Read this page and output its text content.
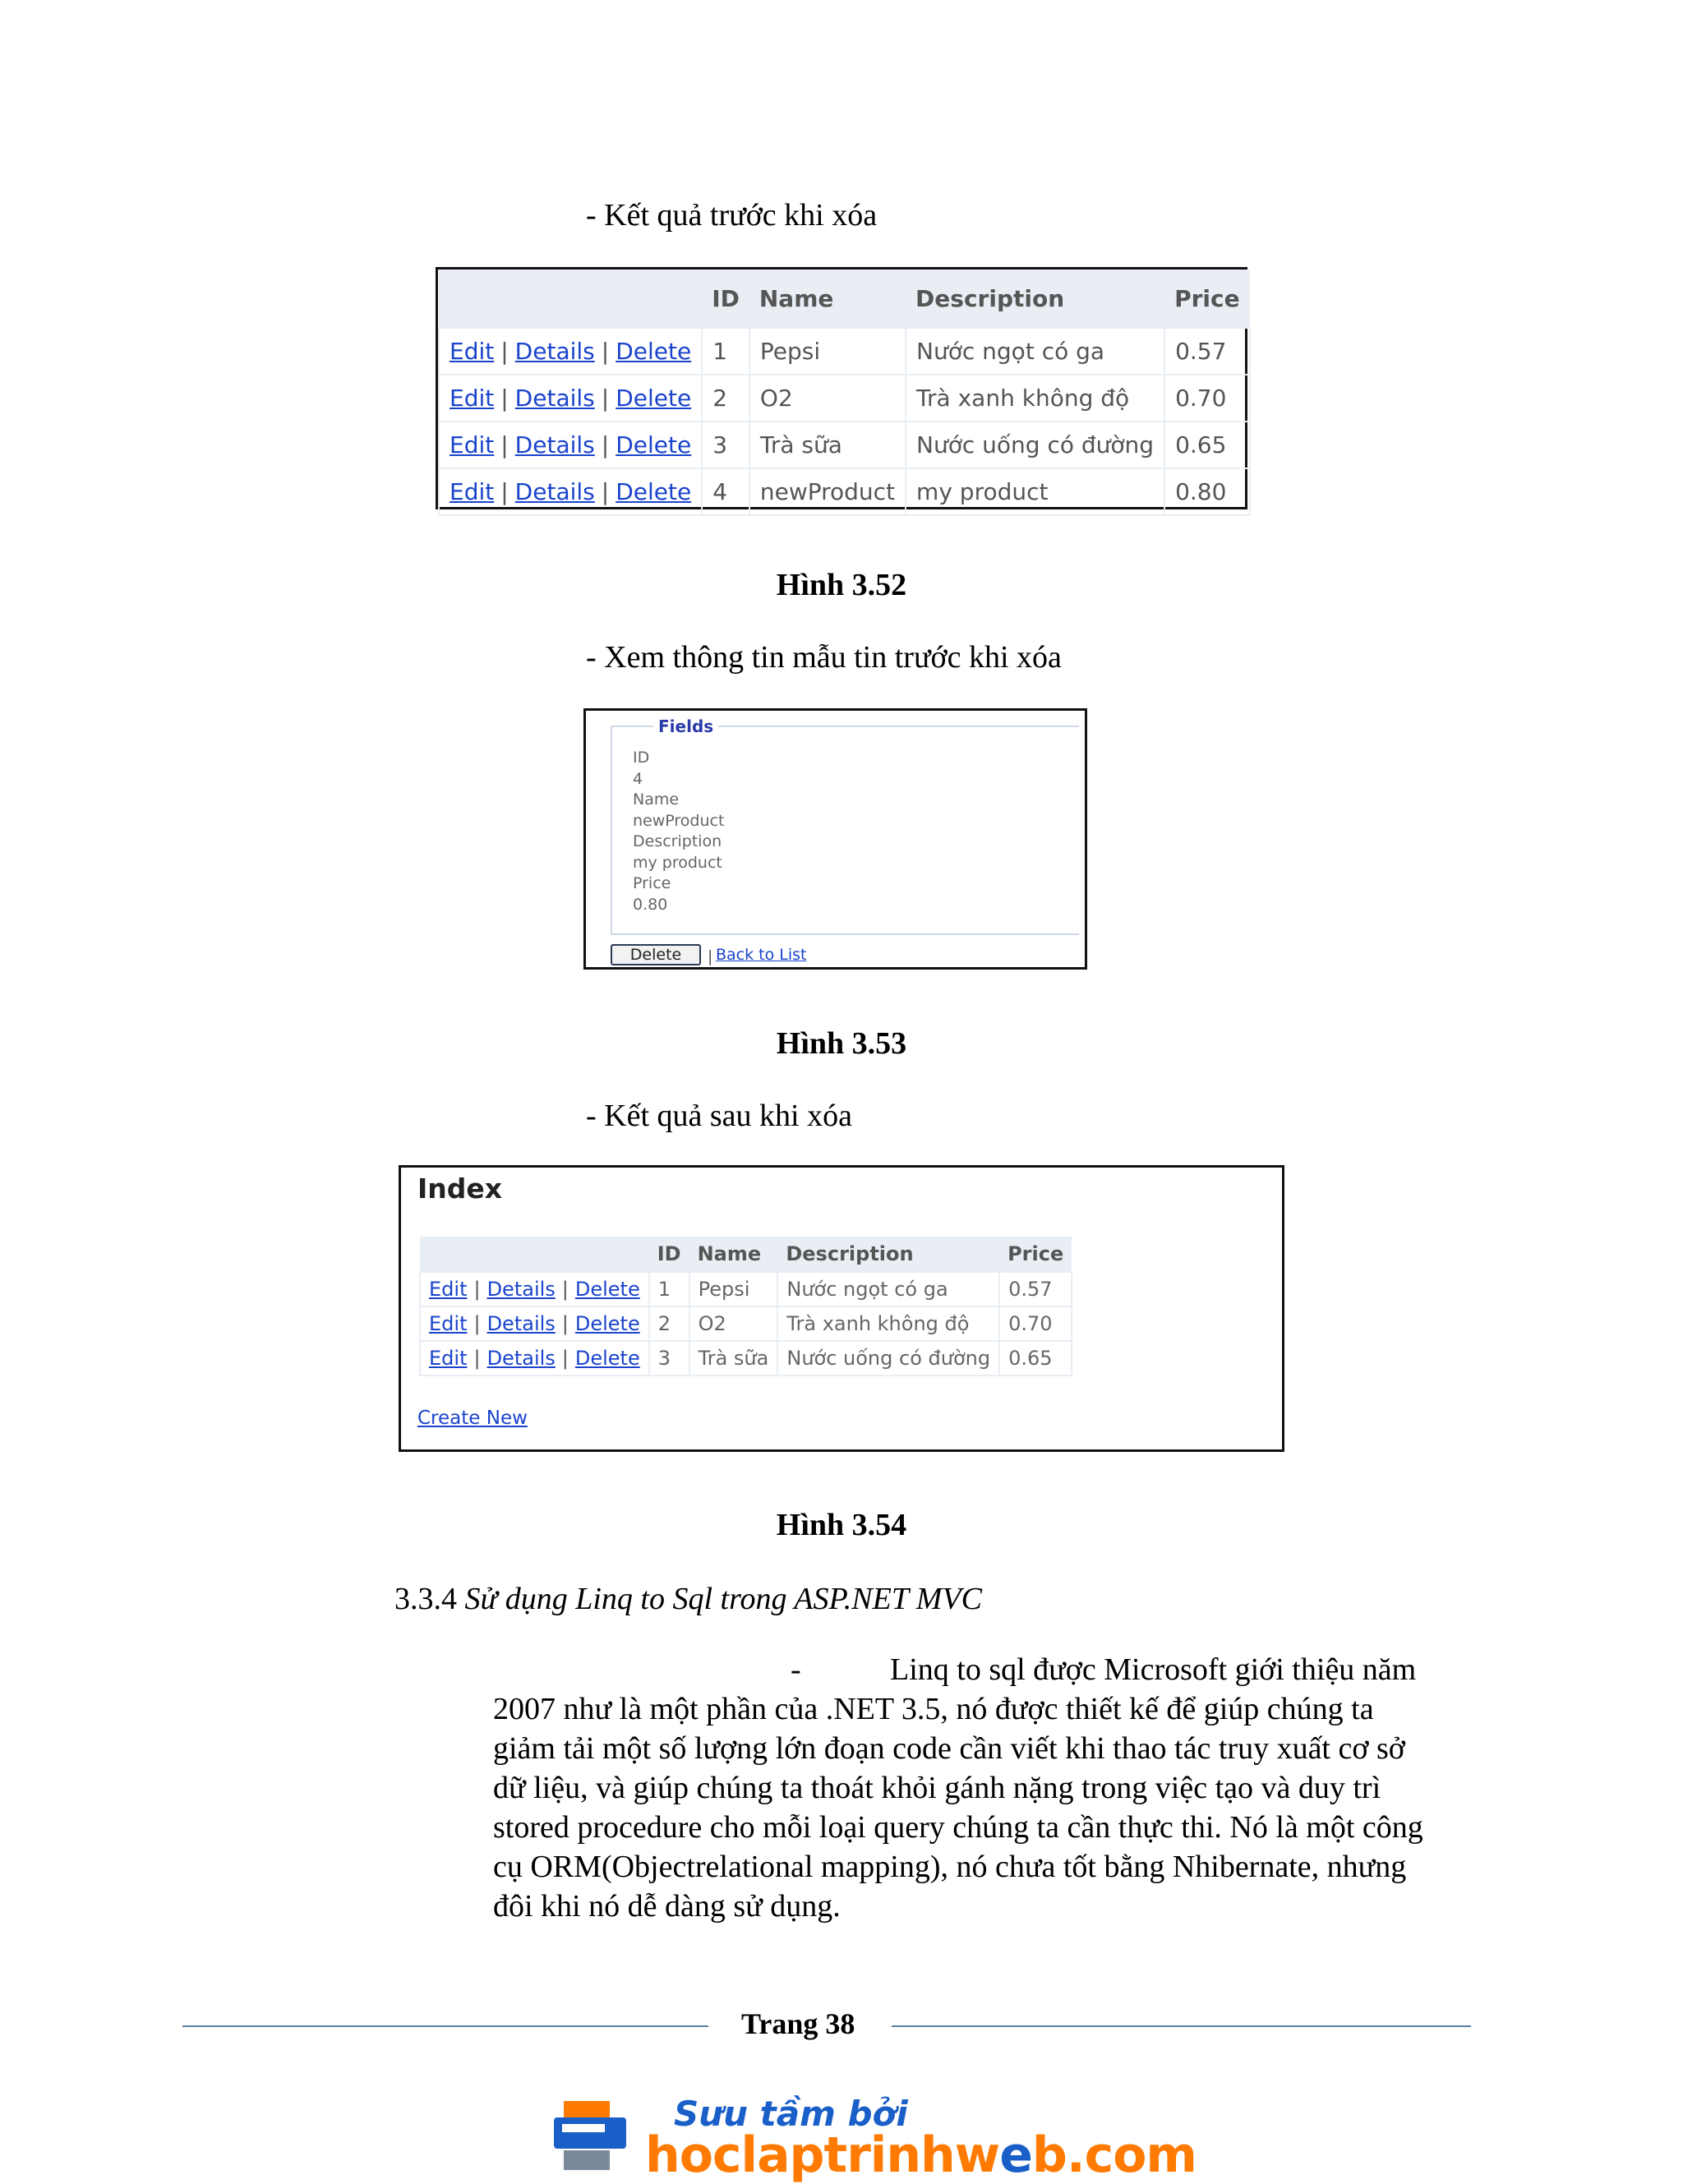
- Kết quả trước khi xóa
	ID	Name	Description	Price
Edit | Details | Delete	1	Pepsi	Nước ngọt có ga	0.57
Edit | Details | Delete	2	O2	Trà xanh không độ	0.70
Edit | Details | Delete	3	Trà sữa	Nước uống có đường	0.65
Edit | Details | Delete	4	newProduct	my product	0.80
Hình 3.52
- Xem thông tin mẫu tin trước khi xóa
Fields
ID
4
Name
newProduct
Description
my product
Price
0.80
Delete	| Back to List
Hình 3.53
- Kết quả sau khi xóa
Index
	ID	Name	Description	Price
Edit | Details | Delete	1	Pepsi	Nước ngọt có ga	0.57
Edit | Details | Delete	2	O2	Trà xanh không độ	0.70
Edit | Details | Delete	3	Trà sữa	Nước uống có đường	0.65
Create New
Hình 3.54
3.3.4 Sử dụng Linq to Sql trong ASP.NET MVC
-	Linq to sql được Microsoft giới thiệu năm
2007 như là một phần của .NET 3.5, nó được thiết kế để giúp chúng ta
giảm tải một số lượng lớn đoạn code cần viết khi thao tác truy xuất cơ sở
dữ liệu, và giúp chúng ta thoát khỏi gánh nặng trong việc tạo và duy trì
stored procedure cho mỗi loại query chúng ta cần thực thi. Nó là một công
cụ ORM(Objectrelational mapping), nó chưa tốt bằng Nhibernate, nhưng
đôi khi nó dễ dàng sử dụng.
Trang 38
Sưu tầm bởi
hoclaptrinhweb.com
